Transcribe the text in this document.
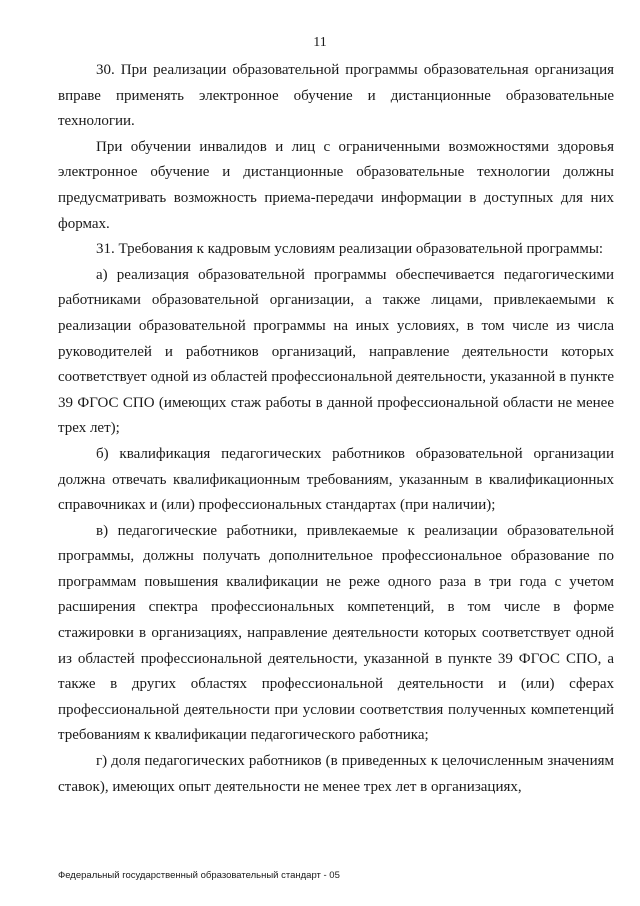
11

30. При реализации образовательной программы образовательная организация вправе применять электронное обучение и дистанционные образовательные технологии.

При обучении инвалидов и лиц с ограниченными возможностями здоровья электронное обучение и дистанционные образовательные технологии должны предусматривать возможность приема-передачи информации в доступных для них формах.

31. Требования к кадровым условиям реализации образовательной программы:

а) реализация образовательной программы обеспечивается педагогическими работниками образовательной организации, а также лицами, привлекаемыми к реализации образовательной программы на иных условиях, в том числе из числа руководителей и работников организаций, направление деятельности которых соответствует одной из областей профессиональной деятельности, указанной в пункте 39 ФГОС СПО (имеющих стаж работы в данной профессиональной области не менее трех лет);

б) квалификация педагогических работников образовательной организации должна отвечать квалификационным требованиям, указанным в квалификационных справочниках и (или) профессиональных стандартах (при наличии);

в) педагогические работники, привлекаемые к реализации образовательной программы, должны получать дополнительное профессиональное образование по программам повышения квалификации не реже одного раза в три года с учетом расширения спектра профессиональных компетенций, в том числе в форме стажировки в организациях, направление деятельности которых соответствует одной из областей профессиональной деятельности, указанной в пункте 39 ФГОС СПО, а также в других областях профессиональной деятельности и (или) сферах профессиональной деятельности при условии соответствия полученных компетенций требованиям к квалификации педагогического работника;

г) доля педагогических работников (в приведенных к целочисленным значениям ставок), имеющих опыт деятельности не менее трех лет в организациях,

Федеральный государственный образовательный стандарт - 05
